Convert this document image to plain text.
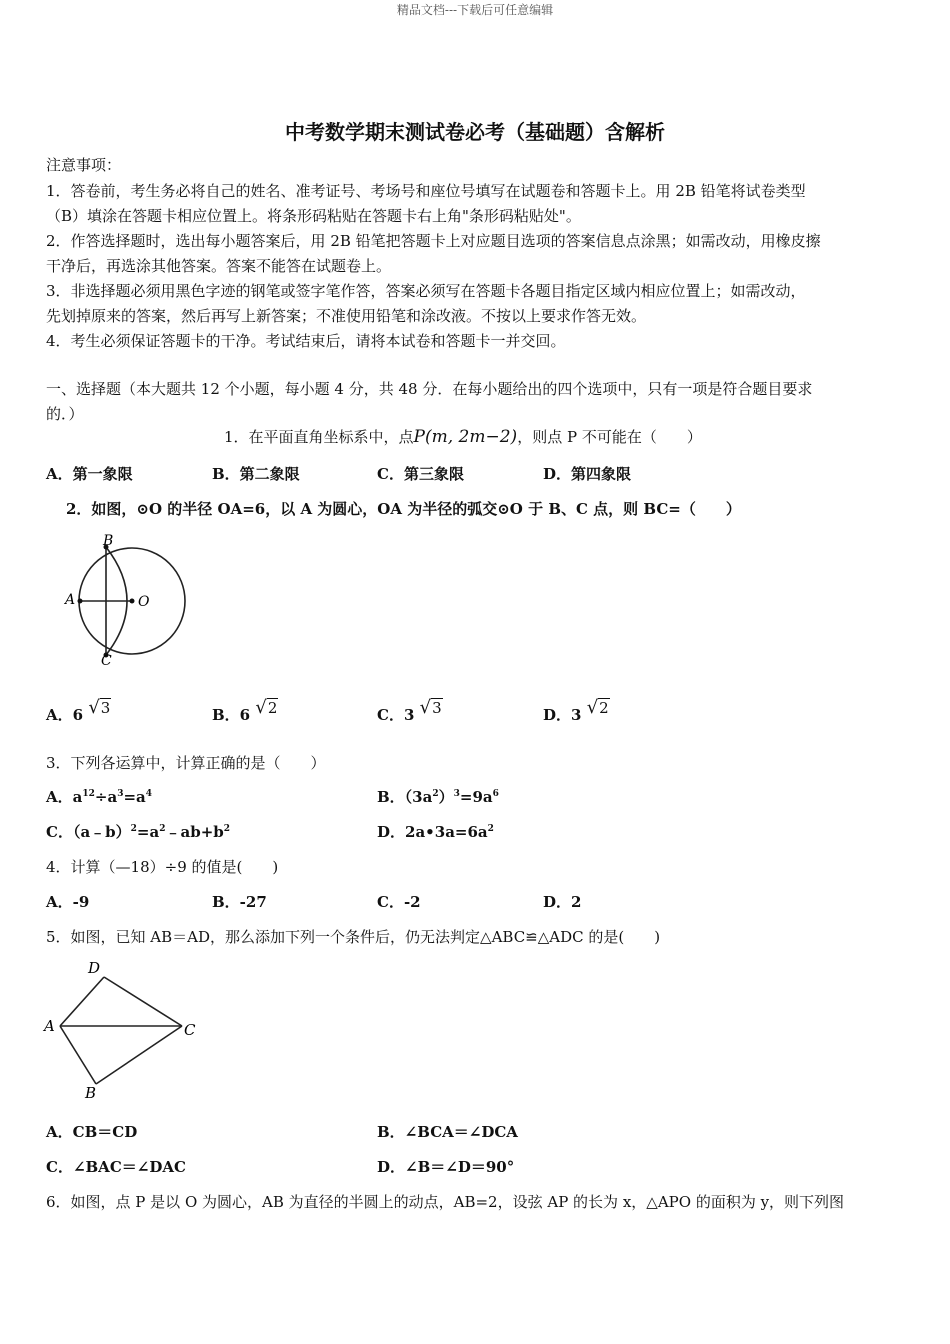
精品文档---下载后可任意编辑
中考数学期末测试卷必考（基础题）含解析
注意事项：
1．答卷前，考生务必将自己的姓名、准考证号、考场号和座位号填写在试题卷和答题卡上。用 2B 铅笔将试卷类型
（B）填涂在答题卡相应位置上。将条形码粘贴在答题卡右上角"条形码粘贴处"。
2．作答选择题时，选出每小题答案后，用 2B 铅笔把答题卡上对应题目选项的答案信息点涂黑；如需改动，用橡皮擦
干净后，再选涂其他答案。答案不能答在试题卷上。
3．非选择题必须用黑色字迹的钢笔或签字笔作答，答案必须写在答题卡各题目指定区域内相应位置上；如需改动，
先划掉原来的答案，然后再写上新答案；不准使用铅笔和涂改液。不按以上要求作答无效。
4．考生必须保证答题卡的干净。考试结束后，请将本试卷和答题卡一并交回。
一、选择题（本大题共 12 个小题，每小题 4 分，共 48 分．在每小题给出的四个选项中，只有一项是符合题目要求
的．）
1．在平面直角坐标系中，点P(m, 2m−2)，则点 P 不可能在（　　）
A．第一象限	B．第二象限	C．第三象限	D．第四象限
2．如图，⊙O 的半径 OA=6，以 A 为圆心，OA 为半径的弧交⊙O 于 B、C 点，则 BC=（　　）
B
A	O
C
A．6 √3	B．6 √2	C．3 √3	D．3 √2
3．下列各运算中，计算正确的是（　　）
A．$a^{12}\div a^3=a^4$	B．$(3a^2)^3=9a^6$
C．$(a﹣b)^2=a^2﹣ab+b^2$	D．$2a•3a=6a^2$
4．计算（—18）÷9 的值是(　　)
A．-9	B．-27	C．-2	D．2
5．如图，已知 AB＝AD，那么添加下列一个条件后，仍无法判定△ABC≌△ADC 的是(　　)
D
A	C
B
A．CB＝CD	B．∠BCA＝∠DCA
C．∠BAC＝∠DAC	D．∠B＝∠D＝90°
6．如图，点 P 是以 O 为圆心，AB 为直径的半圆上的动点，AB=2，设弦 AP 的长为 x，△APO 的面积为 y，则下列图
